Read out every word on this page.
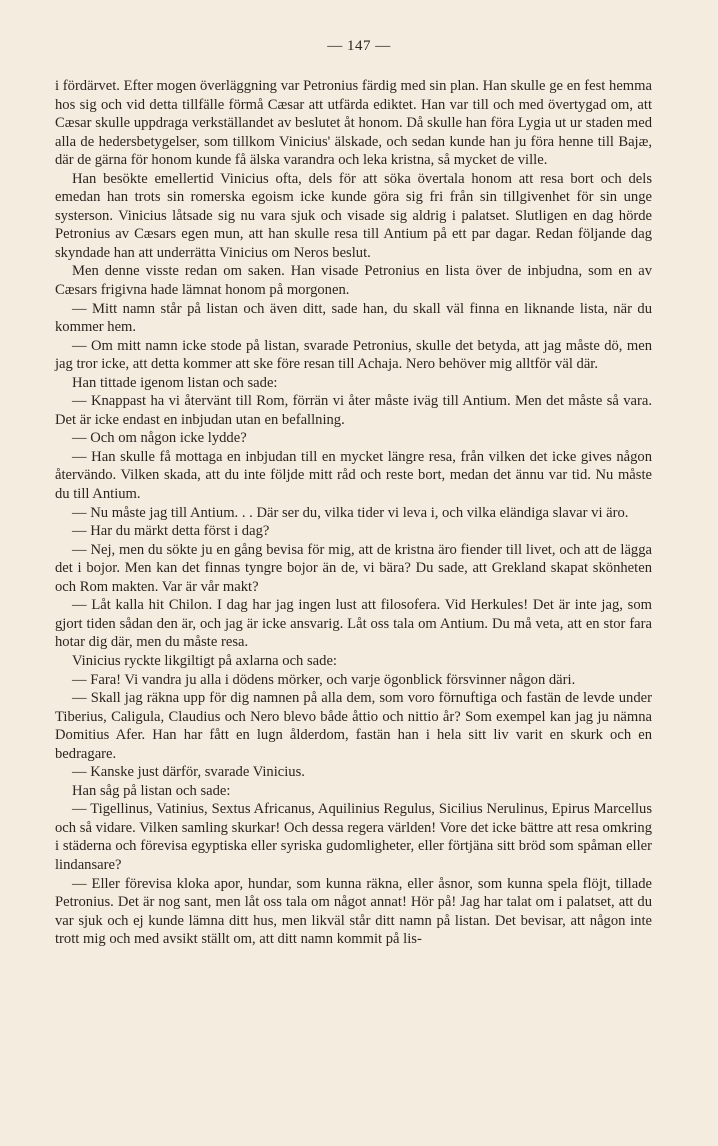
— 147 —

i fördärvet. Efter mogen överläggning var Petronius färdig med sin plan. Han skulle ge en fest hemma hos sig och vid detta tillfälle förmå Cæsar att utfärda ediktet. Han var till och med övertygad om, att Cæsar skulle uppdraga verkställandet av beslutet åt honom. Då skulle han föra Lygia ut ur staden med alla de hedersbetygelser, som tillkom Vinicius' älskade, och sedan kunde han ju föra henne till Bajæ, där de gärna för honom kunde få älska varandra och leka kristna, så mycket de ville.

Han besökte emellertid Vinicius ofta, dels för att söka övertala honom att resa bort och dels emedan han trots sin romerska egoism icke kunde göra sig fri från sin tillgivenhet för sin unge systerson. Vinicius låtsade sig nu vara sjuk och visade sig aldrig i palatset. Slutligen en dag hörde Petronius av Cæsars egen mun, att han skulle resa till Antium på ett par dagar. Redan följande dag skyndade han att underrätta Vinicius om Neros beslut.

Men denne visste redan om saken. Han visade Petronius en lista över de inbjudna, som en av Cæsars frigivna hade lämnat honom på morgonen.

— Mitt namn står på listan och även ditt, sade han, du skall väl finna en liknande lista, när du kommer hem.

— Om mitt namn icke stode på listan, svarade Petronius, skulle det betyda, att jag måste dö, men jag tror icke, att detta kommer att ske före resan till Achaja. Nero behöver mig alltför väl där.

Han tittade igenom listan och sade:

— Knappast ha vi återvänt till Rom, förrän vi åter måste iväg till Antium. Men det måste så vara. Det är icke endast en inbjudan utan en befallning.

— Och om någon icke lydde?

— Han skulle få mottaga en inbjudan till en mycket längre resa, från vilken det icke gives någon återvändo. Vilken skada, att du inte följde mitt råd och reste bort, medan det ännu var tid. Nu måste du till Antium.

— Nu måste jag till Antium. . . Där ser du, vilka tider vi leva i, och vilka eländiga slavar vi äro.

— Har du märkt detta först i dag?

— Nej, men du sökte ju en gång bevisa för mig, att de kristna äro fiender till livet, och att de lägga det i bojor. Men kan det finnas tyngre bojor än de, vi bära? Du sade, att Grekland skapat skönheten och Rom makten. Var är vår makt?

— Låt kalla hit Chilon. I dag har jag ingen lust att filosofera. Vid Herkules! Det är inte jag, som gjort tiden sådan den är, och jag är icke ansvarig. Låt oss tala om Antium. Du må veta, att en stor fara hotar dig där, men du måste resa.

Vinicius ryckte likgiltigt på axlarna och sade:

— Fara! Vi vandra ju alla i dödens mörker, och varje ögonblick försvinner någon däri.

— Skall jag räkna upp för dig namnen på alla dem, som voro förnuftiga och fastän de levde under Tiberius, Caligula, Claudius och Nero blevo både åttio och nittio år? Som exempel kan jag ju nämna Domitius Afer. Han har fått en lugn ålderdom, fastän han i hela sitt liv varit en skurk och en bedragare.

— Kanske just därför, svarade Vinicius.

Han såg på listan och sade:

— Tigellinus, Vatinius, Sextus Africanus, Aquilinius Regulus, Sicilius Nerulinus, Epirus Marcellus och så vidare. Vilken samling skurkar! Och dessa regera världen! Vore det icke bättre att resa omkring i städerna och förevisa egyptiska eller syriska gudomligheter, eller förtjäna sitt bröd som spåman eller lindansare?

— Eller förevisa kloka apor, hundar, som kunna räkna, eller åsnor, som kunna spela flöjt, tillade Petronius. Det är nog sant, men låt oss tala om något annat! Hör på! Jag har talat om i palatset, att du var sjuk och ej kunde lämna ditt hus, men likväl står ditt namn på listan. Det bevisar, att någon inte trott mig och med avsikt ställt om, att ditt namn kommit på lis-
